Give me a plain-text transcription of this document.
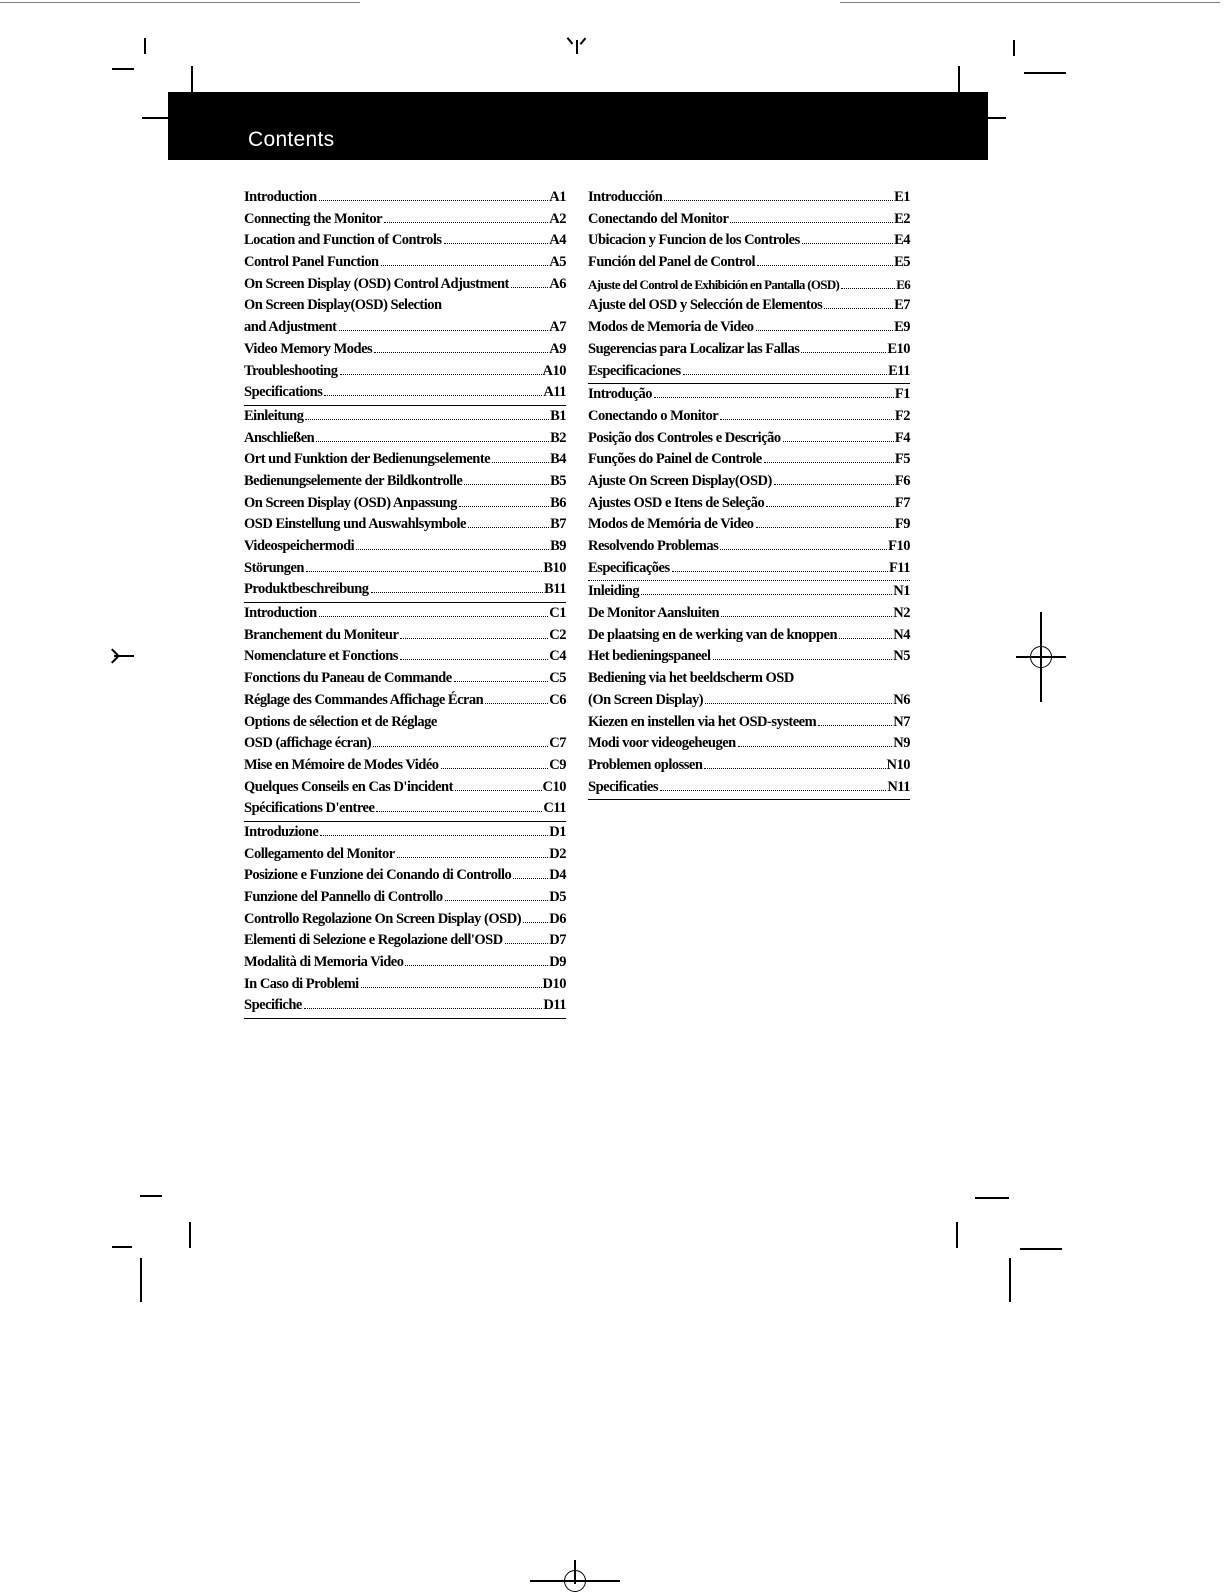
Contents
Introduction	A1
Connecting the Monitor	A2
Location and Function of Controls	A4
Control Panel Function	A5
On Screen Display (OSD) Control Adjustment	A6
On Screen Display(OSD) Selection
and Adjustment	A7
Video Memory Modes	A9
Troubleshooting	A10
Specifications	A11
Einleitung	B1
Anschließen	B2
Ort und Funktion der Bedienungselemente	B4
Bedienungselemente der Bildkontrolle	B5
On Screen Display (OSD) Anpassung	B6
OSD Einstellung und Auswahlsymbole	B7
Videospeichermodi	B9
Störungen	B10
Produktbeschreibung	B11
Introduction	C1
Branchement du Moniteur	C2
Nomenclature et Fonctions	C4
Fonctions du Paneau de Commande	C5
Réglage des Commandes Affichage Écran	C6
Options de sélection et de Réglage
OSD (affichage écran)	C7
Mise en Mémoire de Modes Vidéo	C9
Quelques Conseils en Cas D'incident	C10
Spécifications D'entree	C11
Introduzione	D1
Collegamento del Monitor	D2
Posizione e Funzione dei Conando di Controllo	D4
Funzione del Pannello di Controllo	D5
Controllo Regolazione On Screen Display (OSD) D6
Elementi di Selezione e Regolazione dell'OSD	D7
Modalità di Memoria Video	D9
In Caso di Problemi	D10
Specifiche	D11
Introducción	E1
Conectando del Monitor	E2
Ubicacion y Funcion de los Controles	E4
Función del Panel de Control	E5
Ajuste del Control de Exhibición en Pantalla (OSD)	E6
Ajuste del OSD y Selección de Elementos	E7
Modos de Memoria de Video	E9
Sugerencias para Localizar las Fallas	E10
Especificaciones	E11
Introdução	F1
Conectando o Monitor	F2
Posição dos Controles e Descrição	F4
Funções do Painel de Controle	F5
Ajuste On Screen Display(OSD)	F6
Ajustes OSD e Itens de Seleção	F7
Modos de Memória de Video	F9
Resolvendo Problemas	F10
Especificações	F11
Inleiding	N1
De Monitor Aansluiten	N2
De plaatsing en de werking van de knoppen	N4
Het bedieningspaneel	N5
Bediening via het beeldscherm OSD
(On Screen Display)	N6
Kiezen en instellen via het OSD-systeem	N7
Modi voor videogeheugen	N9
Problemen oplossen	N10
Specificaties	N11
